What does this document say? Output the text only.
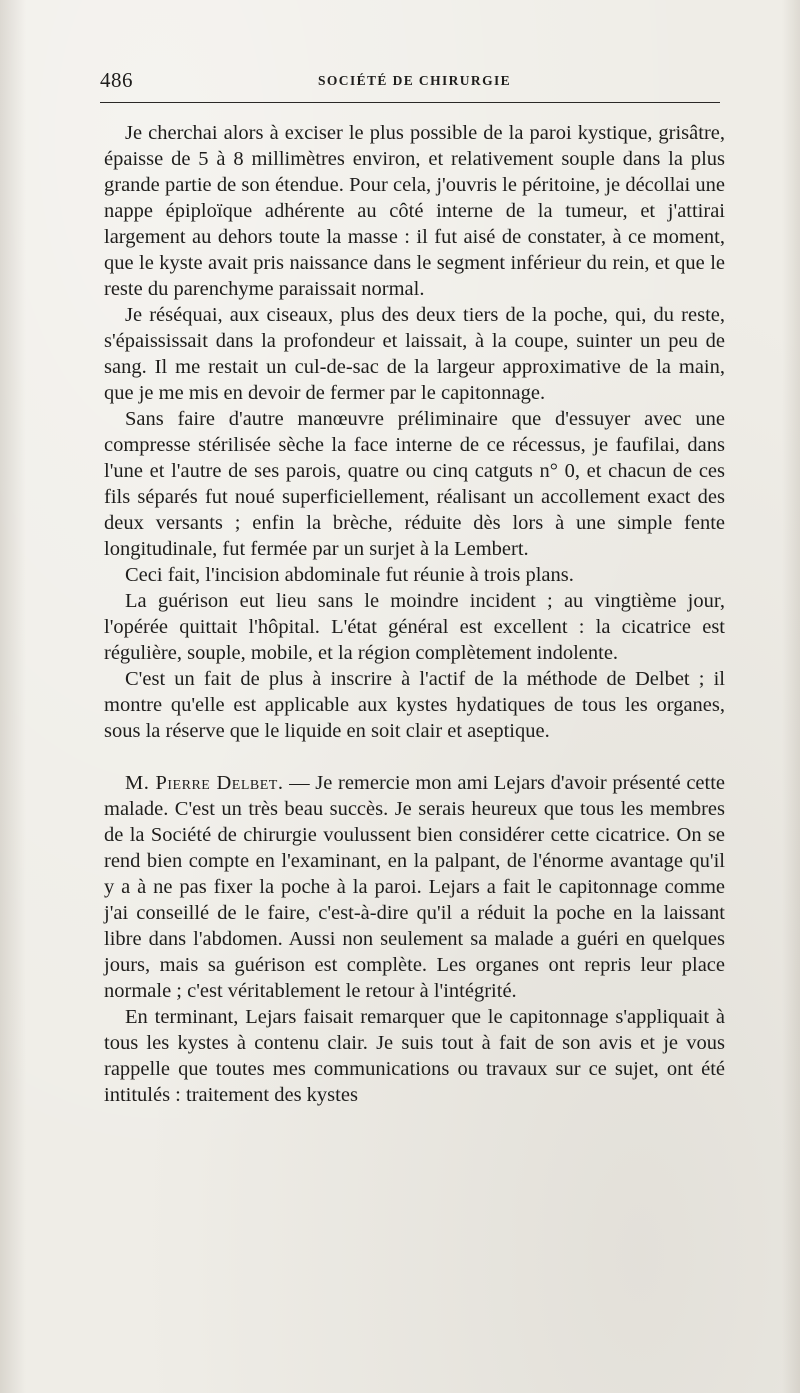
486	SOCIÉTÉ DE CHIRURGIE

Je cherchai alors à exciser le plus possible de la paroi kystique, grisâtre, épaisse de 5 à 8 millimètres environ, et relativement souple dans la plus grande partie de son étendue. Pour cela, j'ouvris le péritoine, je décollai une nappe épiploïque adhérente au côté interne de la tumeur, et j'attirai largement au dehors toute la masse : il fut aisé de constater, à ce moment, que le kyste avait pris naissance dans le segment inférieur du rein, et que le reste du parenchyme paraissait normal.

Je réséquai, aux ciseaux, plus des deux tiers de la poche, qui, du reste, s'épaississait dans la profondeur et laissait, à la coupe, suinter un peu de sang. Il me restait un cul-de-sac de la largeur approximative de la main, que je me mis en devoir de fermer par le capitonnage.

Sans faire d'autre manœuvre préliminaire que d'essuyer avec une compresse stérilisée sèche la face interne de ce récessus, je faufilai, dans l'une et l'autre de ses parois, quatre ou cinq catguts n° 0, et chacun de ces fils séparés fut noué superficiellement, réalisant un accollement exact des deux versants ; enfin la brèche, réduite dès lors à une simple fente longitudinale, fut fermée par un surjet à la Lembert.

Ceci fait, l'incision abdominale fut réunie à trois plans.

La guérison eut lieu sans le moindre incident ; au vingtième jour, l'opérée quittait l'hôpital. L'état général est excellent : la cicatrice est régulière, souple, mobile, et la région complètement indolente.

C'est un fait de plus à inscrire à l'actif de la méthode de Delbet ; il montre qu'elle est applicable aux kystes hydatiques de tous les organes, sous la réserve que le liquide en soit clair et aseptique.

M. Pierre Delbet. — Je remercie mon ami Lejars d'avoir présenté cette malade. C'est un très beau succès. Je serais heureux que tous les membres de la Société de chirurgie voulussent bien considérer cette cicatrice. On se rend bien compte en l'examinant, en la palpant, de l'énorme avantage qu'il y a à ne pas fixer la poche à la paroi. Lejars a fait le capitonnage comme j'ai conseillé de le faire, c'est-à-dire qu'il a réduit la poche en la laissant libre dans l'abdomen. Aussi non seulement sa malade a guéri en quelques jours, mais sa guérison est complète. Les organes ont repris leur place normale ; c'est véritablement le retour à l'intégrité.

En terminant, Lejars faisait remarquer que le capitonnage s'appliquait à tous les kystes à contenu clair. Je suis tout à fait de son avis et je vous rappelle que toutes mes communications ou travaux sur ce sujet, ont été intitulés : traitement des kystes
